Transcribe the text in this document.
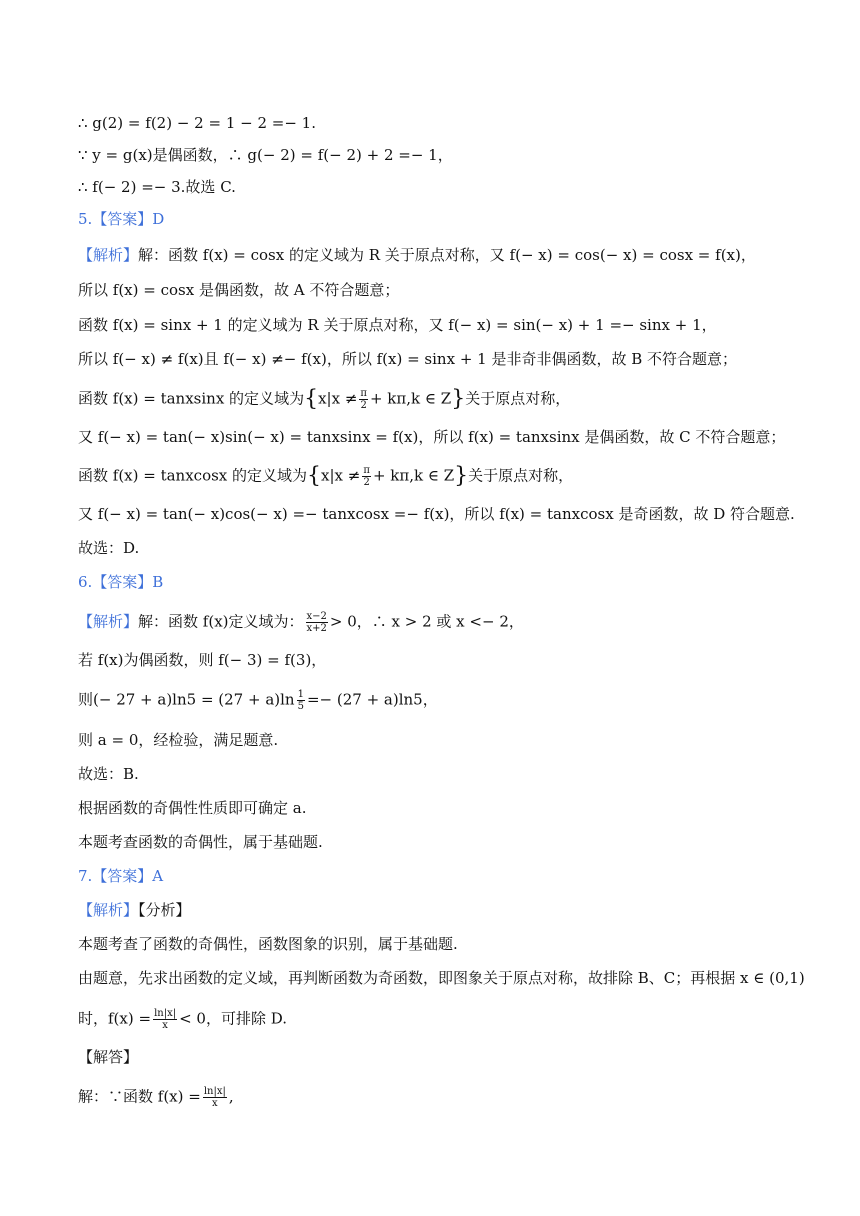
∴ g(2) = f(2) − 2 = 1 − 2 =− 1.
∵ y = g(x)是偶函数，∴ g(− 2) = f(− 2) + 2 =− 1，
∴ f(− 2) =− 3.故选 C.
5.【答案】D
【解析】解：函数 f(x) = cosx 的定义域为 R 关于原点对称，又 f(− x) = cos(− x) = cosx = f(x)，
所以 f(x) = cosx 是偶函数，故 A 不符合题意；
函数 f(x) = sinx + 1 的定义域为 R 关于原点对称，又 f(− x) = sin(− x) + 1 =− sinx + 1，
所以 f(− x) ≠ f(x)且 f(− x) ≠− f(x)，所以 f(x) = sinx + 1 是非奇非偶函数，故 B 不符合题意；
函数 f(x) = tanxsinx 的定义域为{$x|x \ne \frac{\pi}{2} + k\pi,k$ ∈ Z}关于原点对称，
又 f(− x) = tan(− x)sin(− x) = tanxsinx = f(x)，所以 f(x) = tanxsinx 是偶函数，故 C 不符合题意；
函数 f(x) = tanxcosx 的定义域为{$x|x \ne \frac{\pi}{2} + k\pi,k$ ∈ Z}关于原点对称，
又 f(− x) = tan(− x)cos(− x) =− tanxcosx =− f(x)，所以 f(x) = tanxcosx 是奇函数，故 D 符合题意.
故选：D.
6.【答案】B
【解析】解：函数 f(x)定义域为： $\frac{x-2}{x+2} > 0$，∴ x > 2 或 x <− 2，
若 f(x)为偶函数，则 f(− 3) = f(3)，
则(− $27 + a)\ln 5 = (27 + a)\ln \frac{1}{5} =- (27 + a)\ln 5$，
则 a = 0，经检验，满足题意.
故选：B.
根据函数的奇偶性性质即可确定 a.
本题考查函数的奇偶性，属于基础题.
7.【答案】A
【解析】【分析】
本题考查了函数的奇偶性，函数图象的识别，属于基础题.
由题意，先求出函数的定义域，再判断函数为奇函数，即图象关于原点对称，故排除 B、C；再根据 x ∈ (0,1)
时，$f(x) = \frac{\ln|x|}{x} < 0$，可排除 D.
【解答】
解：∵函数 $f(x) = \frac{\ln|x|}{x}$ ,
